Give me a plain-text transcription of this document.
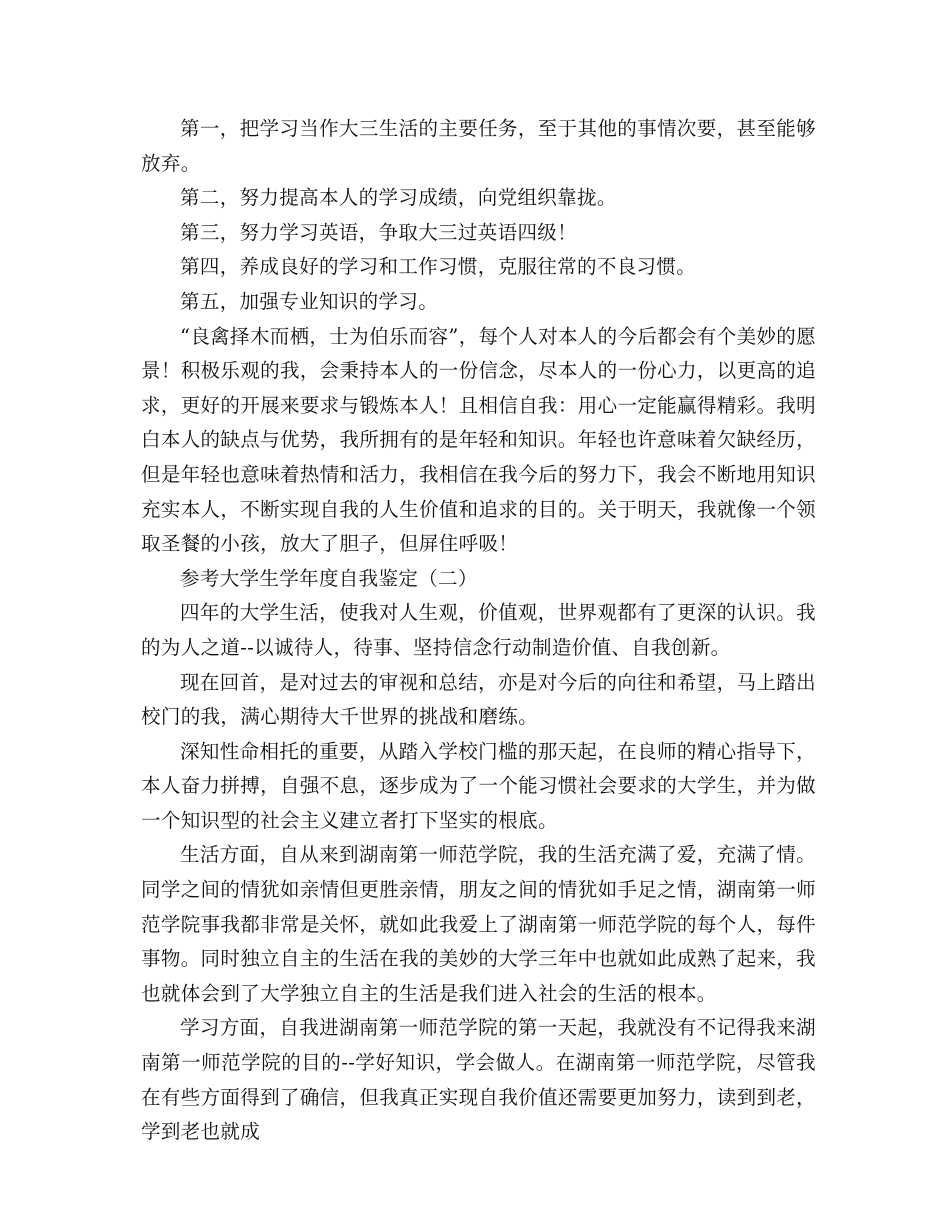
第一，把学习当作大三生活的主要任务，至于其他的事情次要，甚至能够放弃。

第二，努力提高本人的学习成绩，向党组织靠拢。

第三，努力学习英语，争取大三过英语四级！

第四，养成良好的学习和工作习惯，克服往常的不良习惯。

第五，加强专业知识的学习。

“良禽择木而栖，士为伯乐而容”，每个人对本人的今后都会有个美妙的愿景！积极乐观的我，会秉持本人的一份信念，尽本人的一份心力，以更高的追求，更好的开展来要求与锻炼本人！且相信自我：用心一定能赢得精彩。我明白本人的缺点与优势，我所拥有的是年轻和知识。年轻也许意味着欠缺经历，但是年轻也意味着热情和活力，我相信在我今后的努力下，我会不断地用知识充实本人，不断实现自我的人生价值和追求的目的。关于明天，我就像一个领取圣餐的小孩，放大了胆子，但屏住呼吸！

参考大学生学年度自我鉴定（二）

四年的大学生活，使我对人生观，价值观，世界观都有了更深的认识。我的为人之道--以诚待人，待事、坚持信念行动制造价值、自我创新。

现在回首，是对过去的审视和总结，亦是对今后的向往和希望，马上踏出校门的我，满心期待大千世界的挑战和磨练。

深知性命相托的重要，从踏入学校门槛的那天起，在良师的精心指导下，本人奋力拼搏，自强不息，逐步成为了一个能习惯社会要求的大学生，并为做一个知识型的社会主义建立者打下坚实的根底。

生活方面，自从来到湖南第一师范学院，我的生活充满了爱，充满了情。同学之间的情犹如亲情但更胜亲情，朋友之间的情犹如手足之情，湖南第一师范学院事我都非常是关怀，就如此我爱上了湖南第一师范学院的每个人，每件事物。同时独立自主的生活在我的美妙的大学三年中也就如此成熟了起来，我也就体会到了大学独立自主的生活是我们进入社会的生活的根本。

学习方面，自我进湖南第一师范学院的第一天起，我就没有不记得我来湖南第一师范学院的目的--学好知识，学会做人。在湖南第一师范学院，尽管我在有些方面得到了确信，但我真正实现自我价值还需要更加努力，读到到老，学到老也就成
